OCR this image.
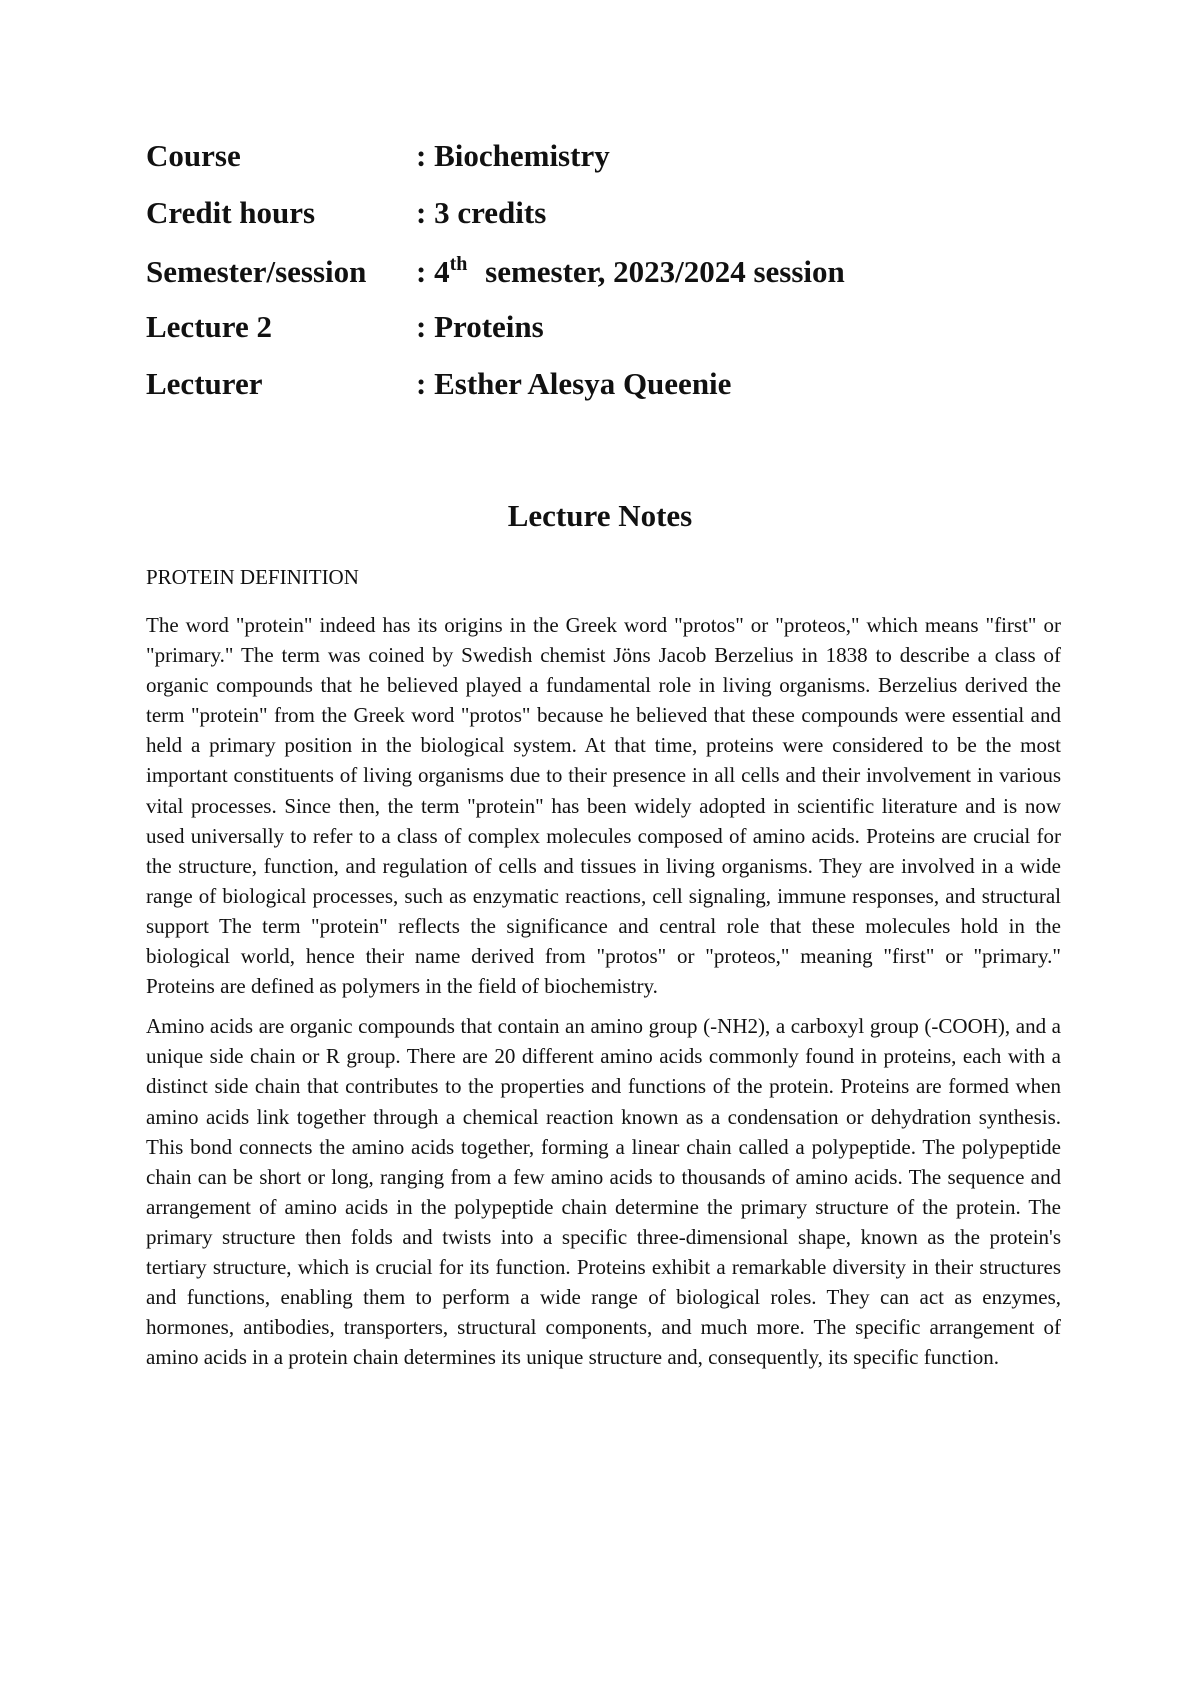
Course	: Biochemistry
Credit hours	: 3 credits
Semester/session	: 4th semester, 2023/2024 session
Lecture 2	: Proteins
Lecturer	: Esther Alesya Queenie
Lecture Notes
PROTEIN DEFINITION

The word "protein" indeed has its origins in the Greek word "protos" or "proteos," which means "first" or "primary." The term was coined by Swedish chemist Jöns Jacob Berzelius in 1838 to describe a class of organic compounds that he believed played a fundamental role in living organisms. Berzelius derived the term "protein" from the Greek word "protos" because he believed that these compounds were essential and held a primary position in the biological system. At that time, proteins were considered to be the most important constituents of living organisms due to their presence in all cells and their involvement in various vital processes. Since then, the term "protein" has been widely adopted in scientific literature and is now used universally to refer to a class of complex molecules composed of amino acids. Proteins are crucial for the structure, function, and regulation of cells and tissues in living organisms. They are involved in a wide range of biological processes, such as enzymatic reactions, cell signaling, immune responses, and structural support The term "protein" reflects the significance and central role that these molecules hold in the biological world, hence their name derived from "protos" or "proteos," meaning "first" or "primary." Proteins are defined as polymers in the field of biochemistry.

Amino acids are organic compounds that contain an amino group (-NH2), a carboxyl group (-COOH), and a unique side chain or R group. There are 20 different amino acids commonly found in proteins, each with a distinct side chain that contributes to the properties and functions of the protein. Proteins are formed when amino acids link together through a chemical reaction known as a condensation or dehydration synthesis. This bond connects the amino acids together, forming a linear chain called a polypeptide. The polypeptide chain can be short or long, ranging from a few amino acids to thousands of amino acids. The sequence and arrangement of amino acids in the polypeptide chain determine the primary structure of the protein. The primary structure then folds and twists into a specific three-dimensional shape, known as the protein's tertiary structure, which is crucial for its function. Proteins exhibit a remarkable diversity in their structures and functions, enabling them to perform a wide range of biological roles. They can act as enzymes, hormones, antibodies, transporters, structural components, and much more. The specific arrangement of amino acids in a protein chain determines its unique structure and, consequently, its specific function.
